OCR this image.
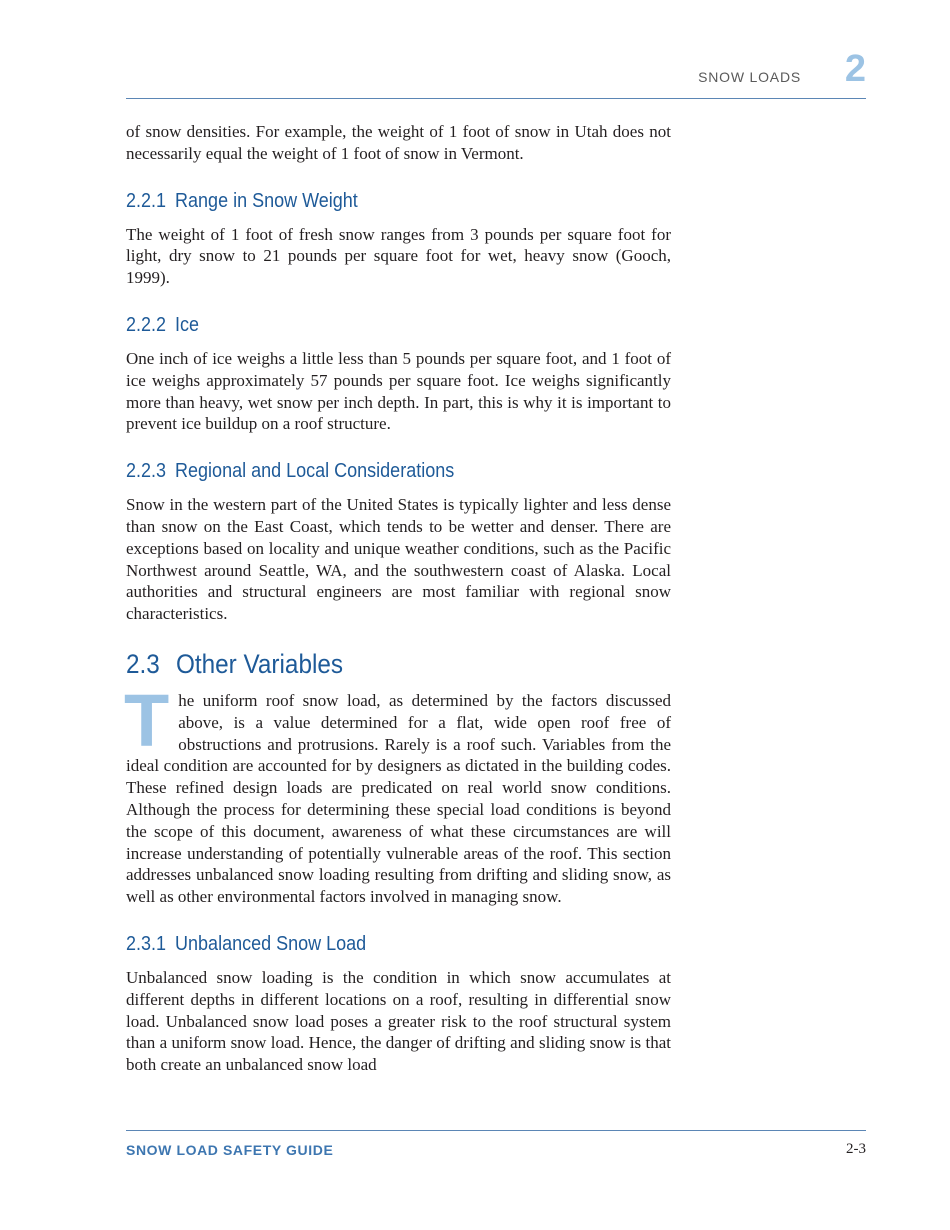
SNOW LOADS 2

of snow densities. For example, the weight of 1 foot of snow in Utah does not necessarily equal the weight of 1 foot of snow in Vermont.

2.2.1 Range in Snow Weight

The weight of 1 foot of fresh snow ranges from 3 pounds per square foot for light, dry snow to 21 pounds per square foot for wet, heavy snow (Gooch, 1999).

2.2.2 Ice

One inch of ice weighs a little less than 5 pounds per square foot, and 1 foot of ice weighs approximately 57 pounds per square foot. Ice weighs significantly more than heavy, wet snow per inch depth. In part, this is why it is important to prevent ice buildup on a roof structure.

2.2.3 Regional and Local Considerations

Snow in the western part of the United States is typically lighter and less dense than snow on the East Coast, which tends to be wetter and denser. There are exceptions based on locality and unique weather conditions, such as the Pacific Northwest around Seattle, WA, and the southwestern coast of Alaska. Local authorities and structural engineers are most familiar with regional snow characteristics.

2.3 Other Variables

The uniform roof snow load, as determined by the factors discussed above, is a value determined for a flat, wide open roof free of obstructions and protrusions. Rarely is a roof such. Variables from the ideal condition are accounted for by designers as dictated in the building codes. These refined design loads are predicated on real world snow conditions. Although the process for determining these special load conditions is beyond the scope of this document, awareness of what these circumstances are will increase understanding of potentially vulnerable areas of the roof. This section addresses unbalanced snow loading resulting from drifting and sliding snow, as well as other environmental factors involved in managing snow.

2.3.1 Unbalanced Snow Load

Unbalanced snow loading is the condition in which snow accumulates at different depths in different locations on a roof, resulting in differential snow load. Unbalanced snow load poses a greater risk to the roof structural system than a uniform snow load. Hence, the danger of drifting and sliding snow is that both create an unbalanced snow load

SNOW LOAD SAFETY GUIDE	2-3
